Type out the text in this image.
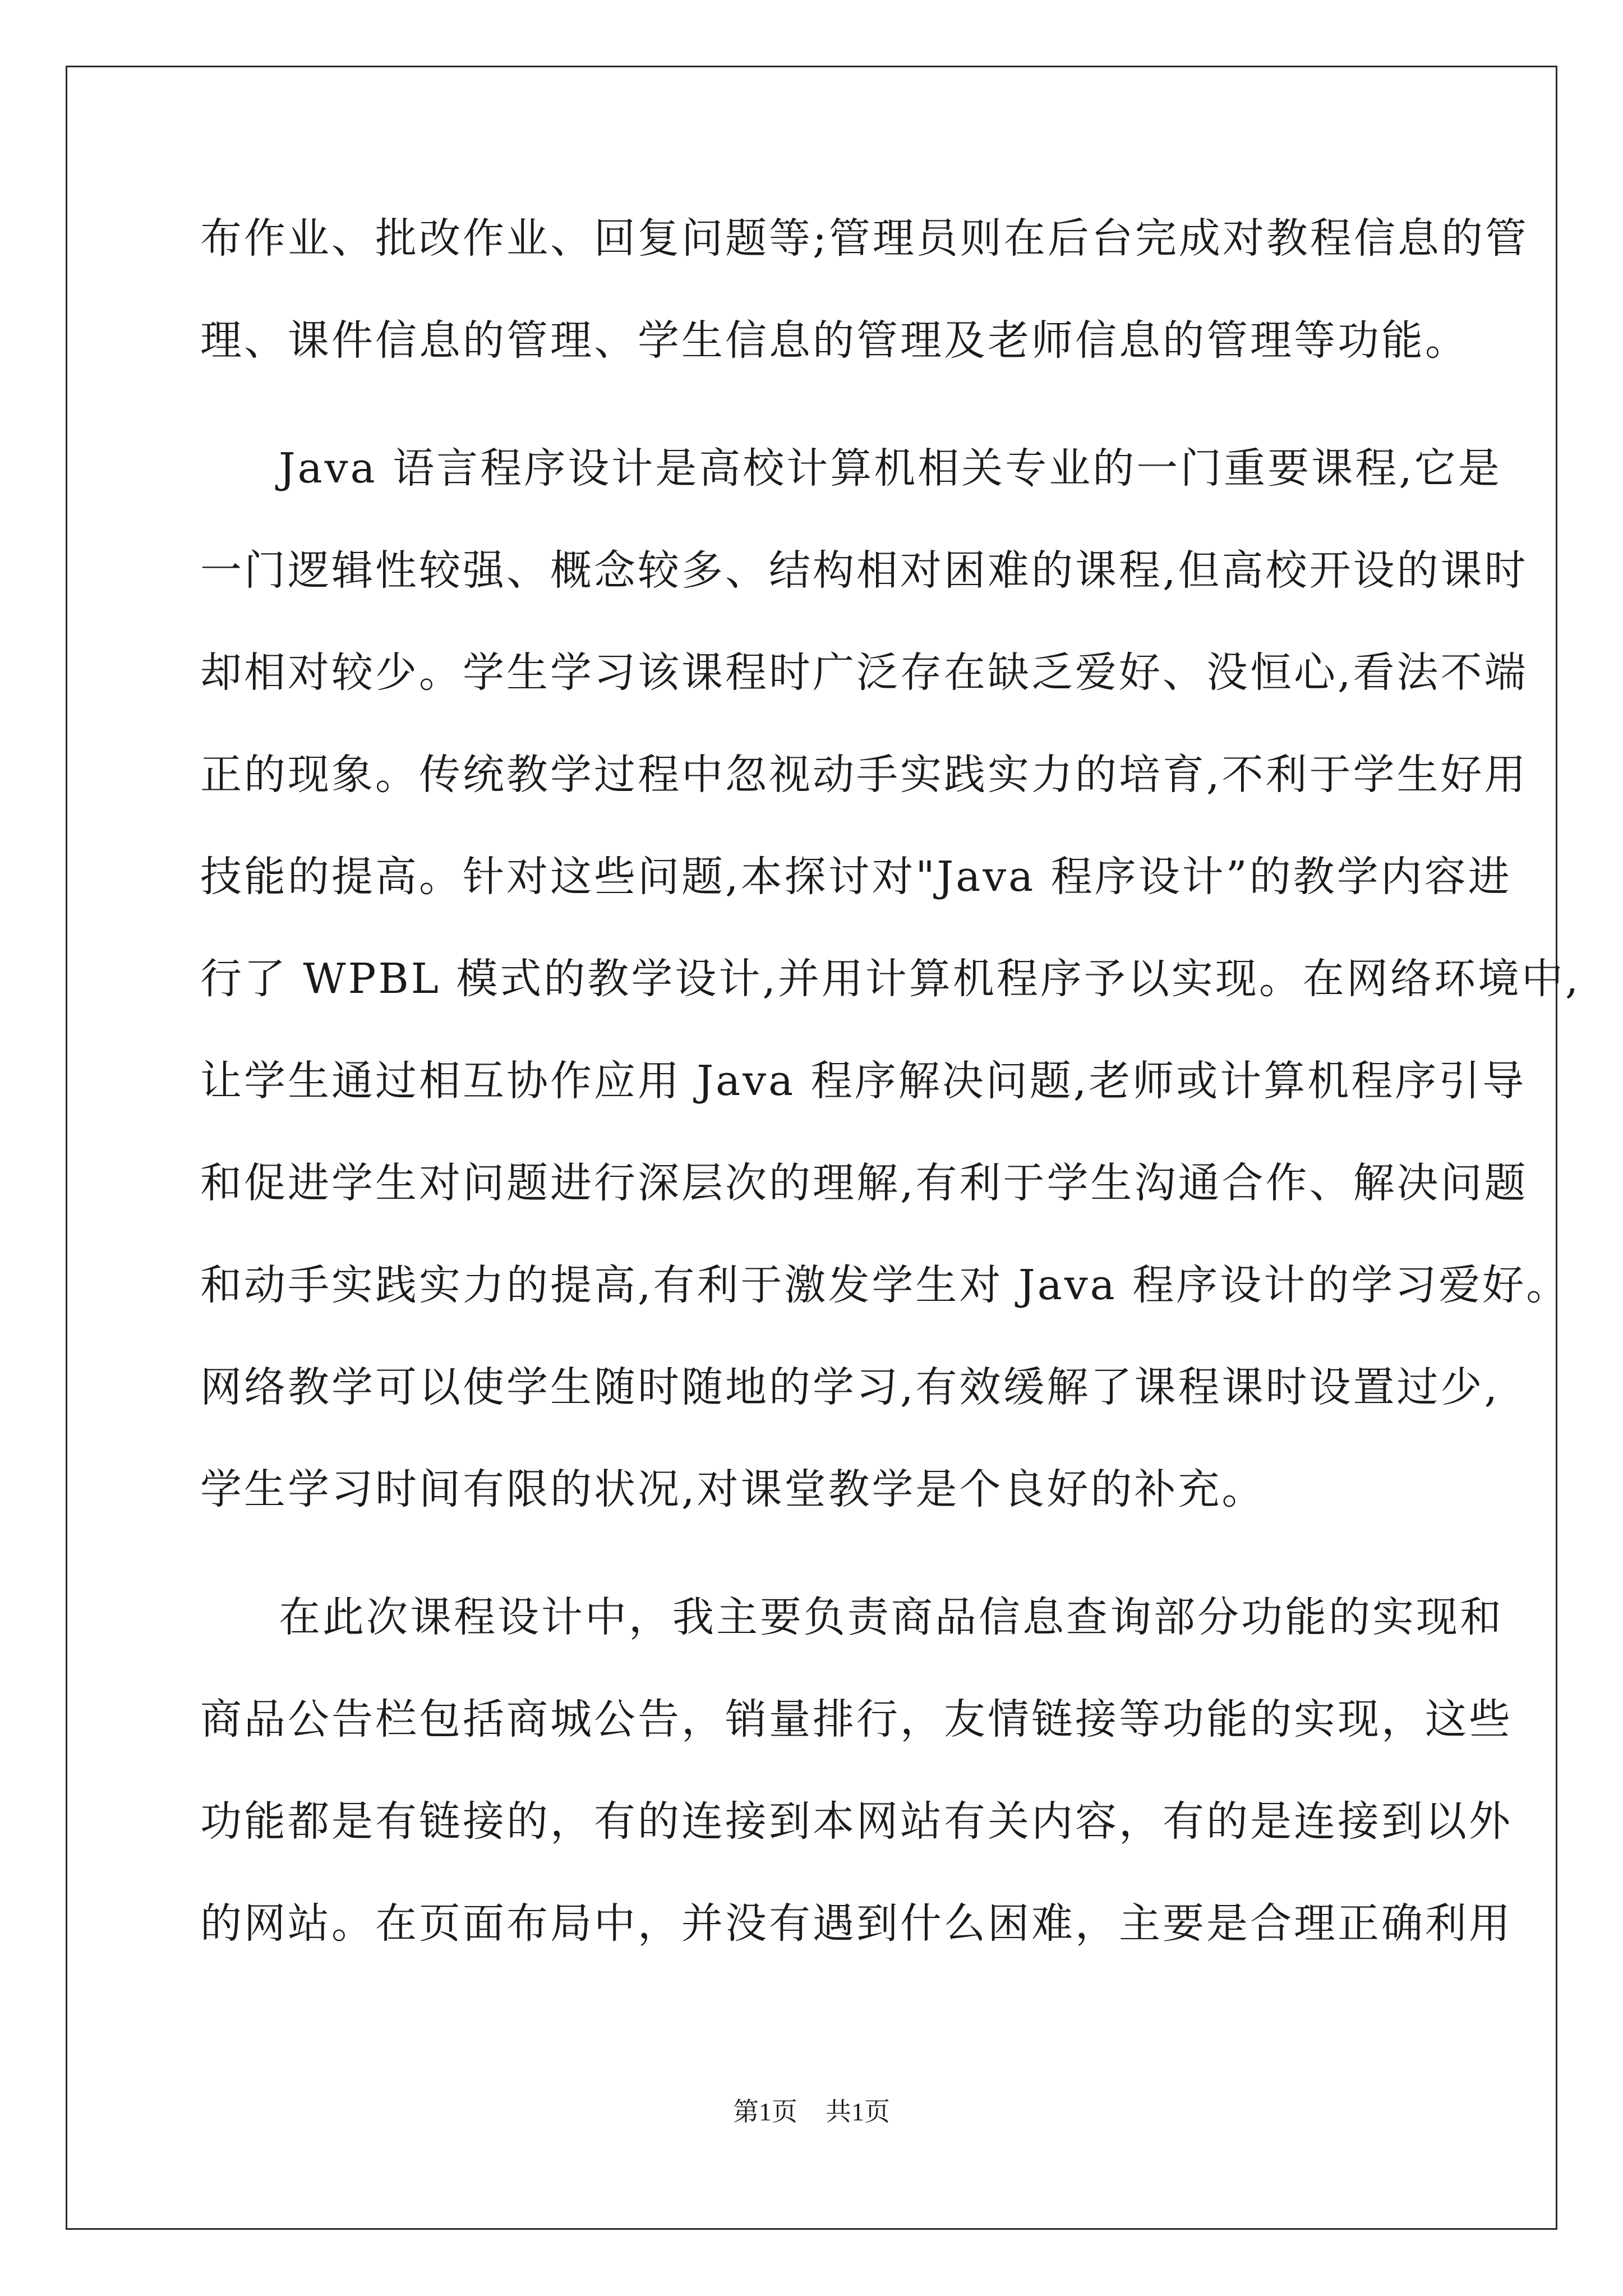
布作业、批改作业、回复问题等;管理员则在后台完成对教程信息的管
理、课件信息的管理、学生信息的管理及老师信息的管理等功能。
Java 语言程序设计是高校计算机相关专业的一门重要课程,它是
一门逻辑性较强、概念较多、结构相对困难的课程,但高校开设的课时
却相对较少。学生学习该课程时广泛存在缺乏爱好、没恒心,看法不端
正的现象。传统教学过程中忽视动手实践实力的培育,不利于学生好用
技能的提高。针对这些问题,本探讨对"Java 程序设计”的教学内容进
行了 WPBL 模式的教学设计,并用计算机程序予以实现。在网络环境中,
让学生通过相互协作应用 Java 程序解决问题,老师或计算机程序引导
和促进学生对问题进行深层次的理解,有利于学生沟通合作、解决问题
和动手实践实力的提高,有利于激发学生对 Java 程序设计的学习爱好。
网络教学可以使学生随时随地的学习,有效缓解了课程课时设置过少,
学生学习时间有限的状况,对课堂教学是个良好的补充。
在此次课程设计中，我主要负责商品信息查询部分功能的实现和
商品公告栏包括商城公告，销量排行，友情链接等功能的实现，这些
功能都是有链接的，有的连接到本网站有关内容，有的是连接到以外
的网站。在页面布局中，并没有遇到什么困难，主要是合理正确利用
第1页 共1页
